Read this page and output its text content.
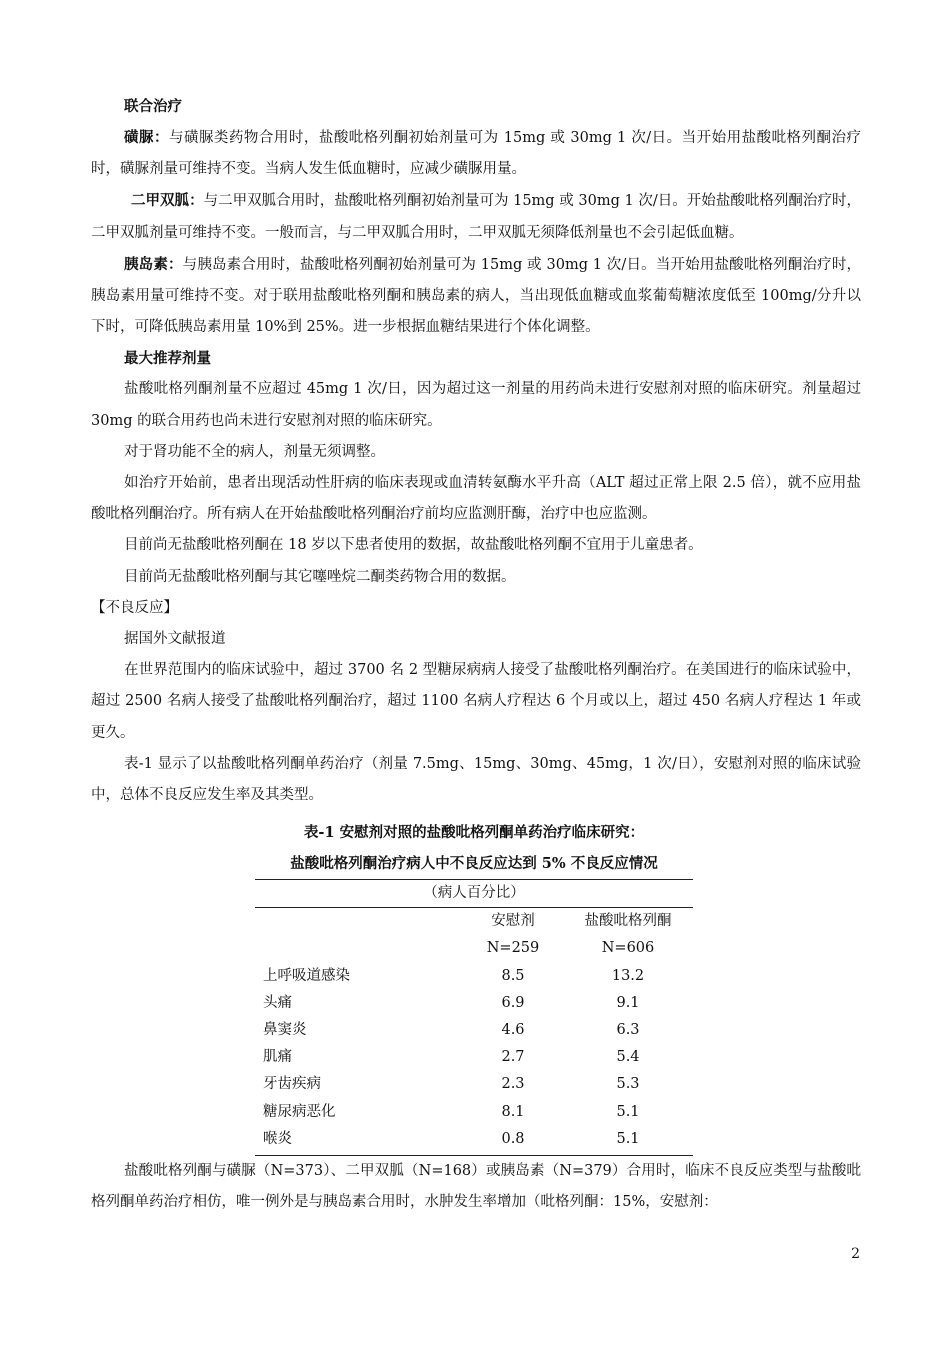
联合治疗

磺脲：与磺脲类药物合用时，盐酸吡格列酮初始剂量可为 15mg 或 30mg 1 次/日。当开始用盐酸吡格列酮治疗时，磺脲剂量可维持不变。当病人发生低血糖时，应减少磺脲用量。

二甲双胍：与二甲双胍合用时，盐酸吡格列酮初始剂量可为 15mg 或 30mg 1 次/日。开始盐酸吡格列酮治疗时，二甲双胍剂量可维持不变。一般而言，与二甲双胍合用时，二甲双胍无须降低剂量也不会引起低血糖。

胰岛素：与胰岛素合用时，盐酸吡格列酮初始剂量可为 15mg 或 30mg 1 次/日。当开始用盐酸吡格列酮治疗时，胰岛素用量可维持不变。对于联用盐酸吡格列酮和胰岛素的病人，当出现低血糖或血浆葡萄糖浓度低至 100mg/分升以下时，可降低胰岛素用量 10%到 25%。进一步根据血糖结果进行个体化调整。

最大推荐剂量

盐酸吡格列酮剂量不应超过 45mg 1 次/日，因为超过这一剂量的用药尚未进行安慰剂对照的临床研究。剂量超过 30mg 的联合用药也尚未进行安慰剂对照的临床研究。

对于肾功能不全的病人，剂量无须调整。

如治疗开始前，患者出现活动性肝病的临床表现或血清转氨酶水平升高（ALT 超过正常上限 2.5 倍），就不应用盐酸吡格列酮治疗。所有病人在开始盐酸吡格列酮治疗前均应监测肝酶，治疗中也应监测。

目前尚无盐酸吡格列酮在 18 岁以下患者使用的数据，故盐酸吡格列酮不宜用于儿童患者。

目前尚无盐酸吡格列酮与其它噻唑烷二酮类药物合用的数据。

【不良反应】

据国外文献报道

在世界范围内的临床试验中，超过 3700 名 2 型糖尿病病人接受了盐酸吡格列酮治疗。在美国进行的临床试验中，超过 2500 名病人接受了盐酸吡格列酮治疗，超过 1100 名病人疗程达 6 个月或以上，超过 450 名病人疗程达 1 年或更久。

表-1 显示了以盐酸吡格列酮单药治疗（剂量 7.5mg、15mg、30mg、45mg，1 次/日），安慰剂对照的临床试验中，总体不良反应发生率及其类型。

表-1 安慰剂对照的盐酸吡格列酮单药治疗临床研究：

盐酸吡格列酮治疗病人中不良反应达到 5% 不良反应情况

（病人百分比）
安慰剂	盐酸吡格列酮
N=259	N=606
上呼吸道感染	8.5	13.2
头痛	6.9	9.1
鼻窦炎	4.6	6.3
肌痛	2.7	5.4
牙齿疾病	2.3	5.3
糖尿病恶化	8.1	5.1
喉炎	0.8	5.1

盐酸吡格列酮与磺脲（N=373）、二甲双胍（N=168）或胰岛素（N=379）合用时，临床不良反应类型与盐酸吡格列酮单药治疗相仿，唯一例外是与胰岛素合用时，水肿发生率增加（吡格列酮：15%，安慰剂：

2
